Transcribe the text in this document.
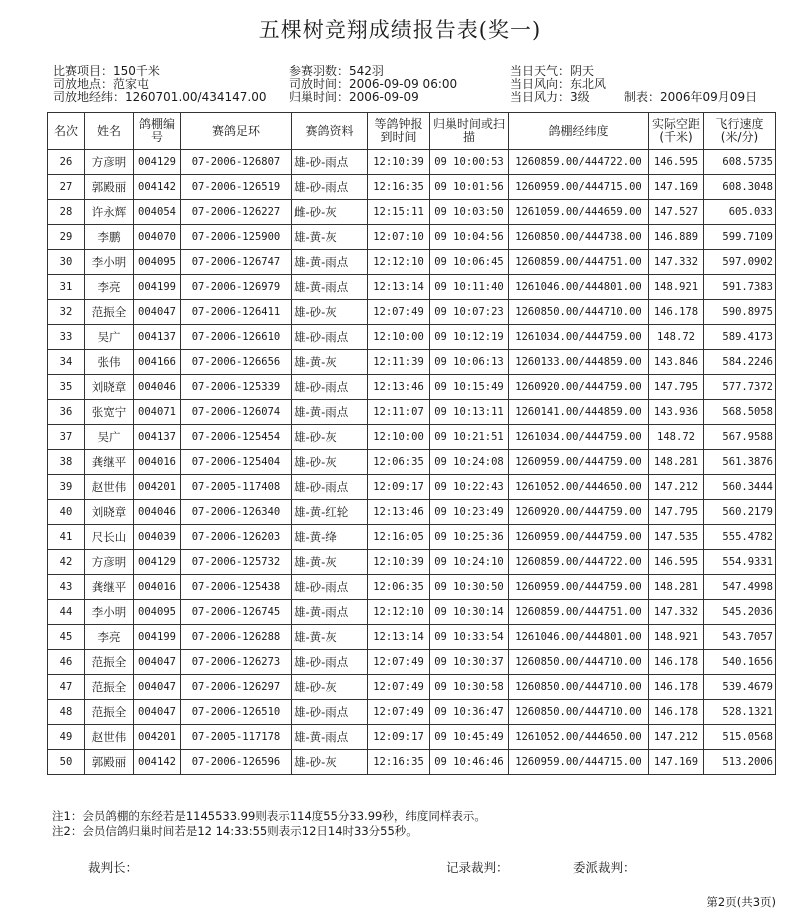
五棵树竞翔成绩报告表(奖一)
比赛项目：150千米
司放地点：范家屯
司放地经纬：1260701.00/434147.00
参赛羽数：542羽
司放时间：2006-09-09 06:00
归巢时间：2006-09-09
当日天气：阴天
当日风向：东北风
当日风力：3级	制表：2006年09月09日
名次	姓名	鸽棚编号	赛鸽足环	赛鸽资料	等鸽钟报到时间	归巢时间或扫描	鸽棚经纬度	实际空距(千米)	飞行速度(米/分)
26	方彦明	004129	07-2006-126807	雄-砂-雨点	12:10:39	09 10:00:53	1260859.00/444722.00	146.595	608.5735
27	郭殿丽	004142	07-2006-126519	雄-砂-雨点	12:16:35	09 10:01:56	1260959.00/444715.00	147.169	608.3048
28	许永辉	004054	07-2006-126227	雌-砂-灰	12:15:11	09 10:03:50	1261059.00/444659.00	147.527	605.033
29	李鹏	004070	07-2006-125900	雄-黄-灰	12:07:10	09 10:04:56	1260850.00/444738.00	146.889	599.7109
30	李小明	004095	07-2006-126747	雄-黄-雨点	12:12:10	09 10:06:45	1260859.00/444751.00	147.332	597.0902
31	李亮	004199	07-2006-126979	雄-黄-雨点	12:13:14	09 10:11:40	1261046.00/444801.00	148.921	591.7383
32	范振全	004047	07-2006-126411	雄-砂-灰	12:07:49	09 10:07:23	1260850.00/444710.00	146.178	590.8975
33	吴广	004137	07-2006-126610	雄-砂-雨点	12:10:00	09 10:12:19	1261034.00/444759.00	148.72	589.4173
34	张伟	004166	07-2006-126656	雄-黄-灰	12:11:39	09 10:06:13	1260133.00/444859.00	143.846	584.2246
35	刘晓章	004046	07-2006-125339	雄-砂-雨点	12:13:46	09 10:15:49	1260920.00/444759.00	147.795	577.7372
36	张宽宁	004071	07-2006-126074	雄-黄-雨点	12:11:07	09 10:13:11	1260141.00/444859.00	143.936	568.5058
37	吴广	004137	07-2006-125454	雄-砂-灰	12:10:00	09 10:21:51	1261034.00/444759.00	148.72	567.9588
38	龚继平	004016	07-2006-125404	雄-砂-灰	12:06:35	09 10:24:08	1260959.00/444759.00	148.281	561.3876
39	赵世伟	004201	07-2005-117408	雄-砂-雨点	12:09:17	09 10:22:43	1261052.00/444650.00	147.212	560.3444
40	刘晓章	004046	07-2006-126340	雄-黄-红轮	12:13:46	09 10:23:49	1260920.00/444759.00	147.795	560.2179
41	尺长山	004039	07-2006-126203	雄-黄-绛	12:16:05	09 10:25:36	1260959.00/444759.00	147.535	555.4782
42	方彦明	004129	07-2006-125732	雄-黄-灰	12:10:39	09 10:24:10	1260859.00/444722.00	146.595	554.9331
43	龚继平	004016	07-2006-125438	雄-砂-雨点	12:06:35	09 10:30:50	1260959.00/444759.00	148.281	547.4998
44	李小明	004095	07-2006-126745	雄-黄-雨点	12:12:10	09 10:30:14	1260859.00/444751.00	147.332	545.2036
45	李亮	004199	07-2006-126288	雄-黄-灰	12:13:14	09 10:33:54	1261046.00/444801.00	148.921	543.7057
46	范振全	004047	07-2006-126273	雄-砂-雨点	12:07:49	09 10:30:37	1260850.00/444710.00	146.178	540.1656
47	范振全	004047	07-2006-126297	雄-砂-灰	12:07:49	09 10:30:58	1260850.00/444710.00	146.178	539.4679
48	范振全	004047	07-2006-126510	雄-砂-雨点	12:07:49	09 10:36:47	1260850.00/444710.00	146.178	528.1321
49	赵世伟	004201	07-2005-117178	雄-黄-雨点	12:09:17	09 10:45:49	1261052.00/444650.00	147.212	515.0568
50	郭殿丽	004142	07-2006-126596	雄-砂-灰	12:16:35	09 10:46:46	1260959.00/444715.00	147.169	513.2006
注1：会员鸽棚的东经若是1145533.99则表示114度55分33.99秒，纬度同样表示。
注2：会员信鸽归巢时间若是12 14:33:55则表示12日14时33分55秒。
裁判长：	记录裁判：	委派裁判：
第2页(共3页)
